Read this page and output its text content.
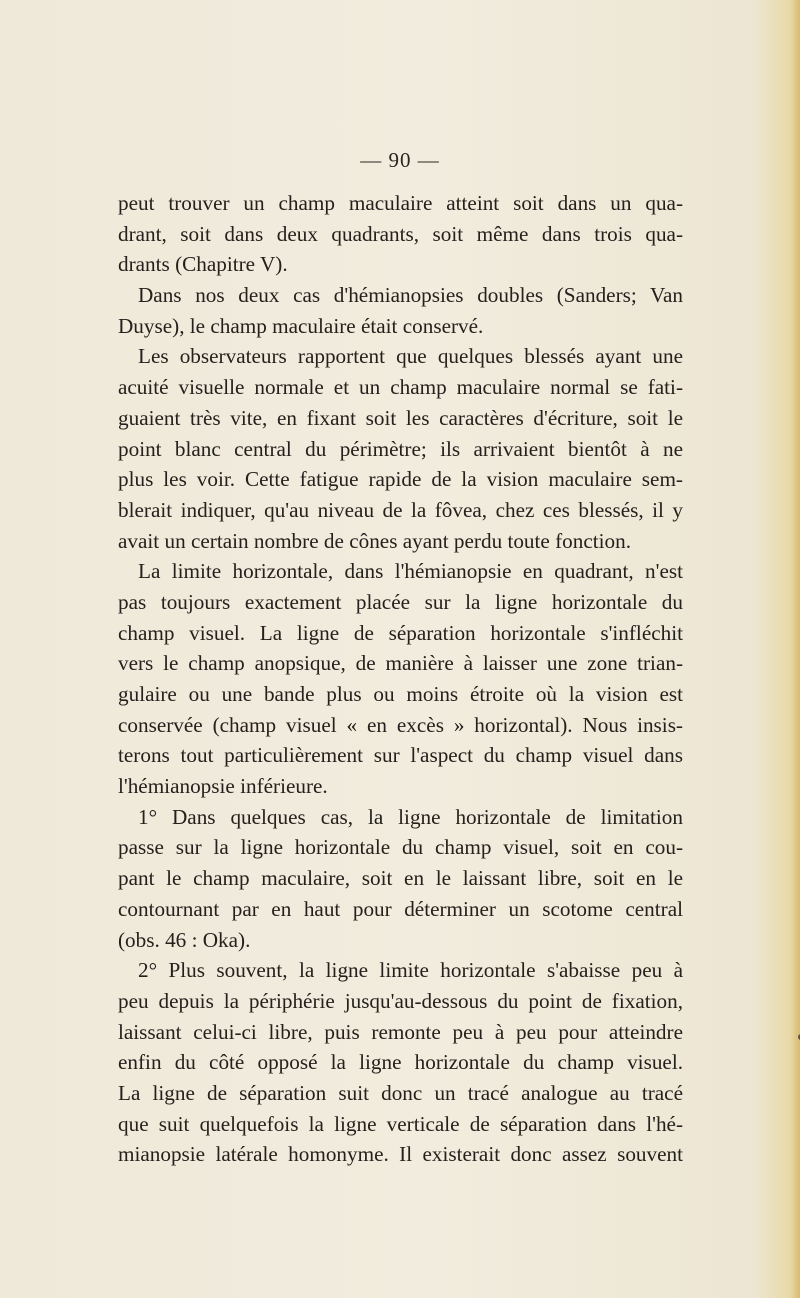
— 90 —
peut trouver un champ maculaire atteint soit dans un qua-
drant, soit dans deux quadrants, soit même dans trois qua-
drants (Chapitre V).
Dans nos deux cas d'hémianopsies doubles (Sanders; Van
Duyse), le champ maculaire était conservé.
Les observateurs rapportent que quelques blessés ayant une
acuité visuelle normale et un champ maculaire normal se fati-
guaient très vite, en fixant soit les caractères d'écriture, soit le
point blanc central du périmètre; ils arrivaient bientôt à ne
plus les voir. Cette fatigue rapide de la vision maculaire sem-
blerait indiquer, qu'au niveau de la fôvea, chez ces blessés, il y
avait un certain nombre de cônes ayant perdu toute fonction.
La limite horizontale, dans l'hémianopsie en quadrant, n'est
pas toujours exactement placée sur la ligne horizontale du
champ visuel. La ligne de séparation horizontale s'infléchit
vers le champ anopsique, de manière à laisser une zone trian-
gulaire ou une bande plus ou moins étroite où la vision est
conservée (champ visuel « en excès » horizontal). Nous insis-
terons tout particulièrement sur l'aspect du champ visuel dans
l'hémianopsie inférieure.
1° Dans quelques cas, la ligne horizontale de limitation
passe sur la ligne horizontale du champ visuel, soit en cou-
pant le champ maculaire, soit en le laissant libre, soit en le
contournant par en haut pour déterminer un scotome central
(obs. 46 : Oka).
2° Plus souvent, la ligne limite horizontale s'abaisse peu à
peu depuis la périphérie jusqu'au-dessous du point de fixation,
laissant celui-ci libre, puis remonte peu à peu pour atteindre
enfin du côté opposé la ligne horizontale du champ visuel.
La ligne de séparation suit donc un tracé analogue au tracé
que suit quelquefois la ligne verticale de séparation dans l'hé-
mianopsie latérale homonyme. Il existerait donc assez souvent
